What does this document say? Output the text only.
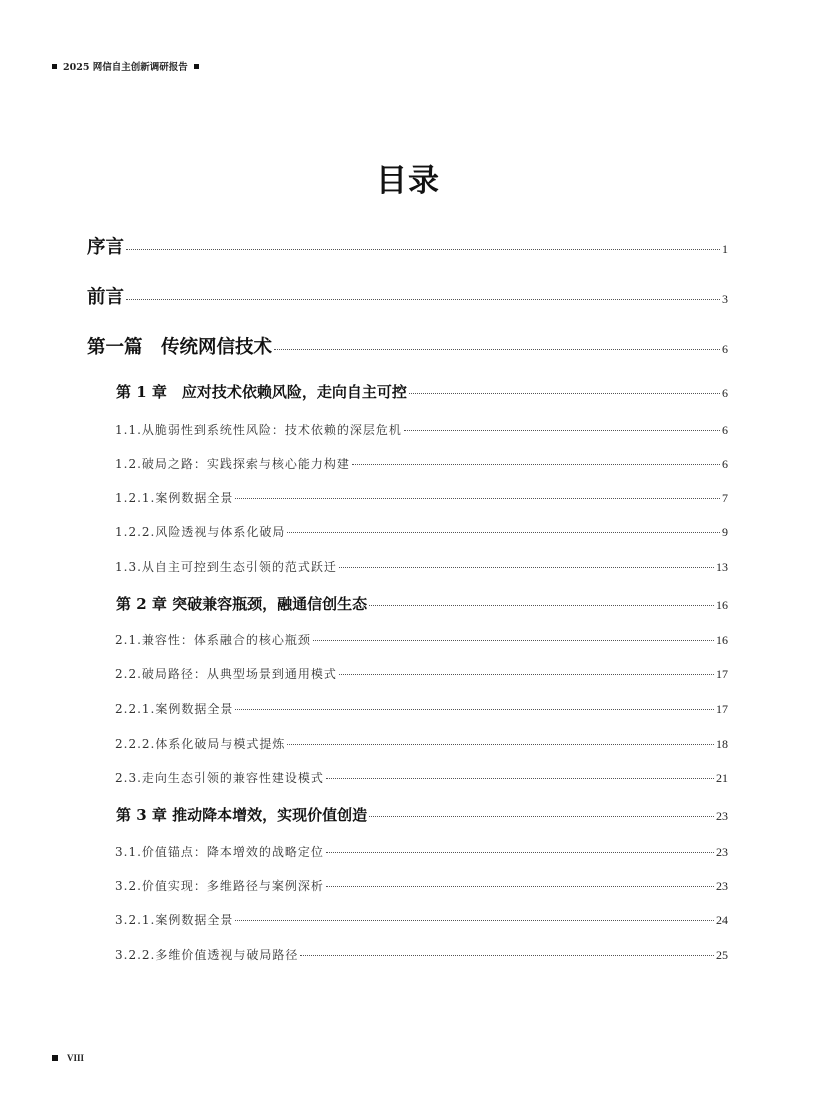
2025 网信自主创新调研报告
目录
序言	1
前言	3
第一篇　传统网信技术	6
第 1 章　应对技术依赖风险，走向自主可控	6
1.1.从脆弱性到系统性风险：技术依赖的深层危机	6
1.2.破局之路：实践探索与核心能力构建	6
1.2.1.案例数据全景	7
1.2.2.风险透视与体系化破局	9
1.3.从自主可控到生态引领的范式跃迁	13
第 2 章 突破兼容瓶颈，融通信创生态	16
2.1.兼容性：体系融合的核心瓶颈	16
2.2.破局路径：从典型场景到通用模式	17
2.2.1.案例数据全景	17
2.2.2.体系化破局与模式提炼	18
2.3.走向生态引领的兼容性建设模式	21
第 3 章 推动降本增效，实现价值创造	23
3.1.价值锚点：降本增效的战略定位	23
3.2.价值实现：多维路径与案例深析	23
3.2.1.案例数据全景	24
3.2.2.多维价值透视与破局路径	25
VIII
